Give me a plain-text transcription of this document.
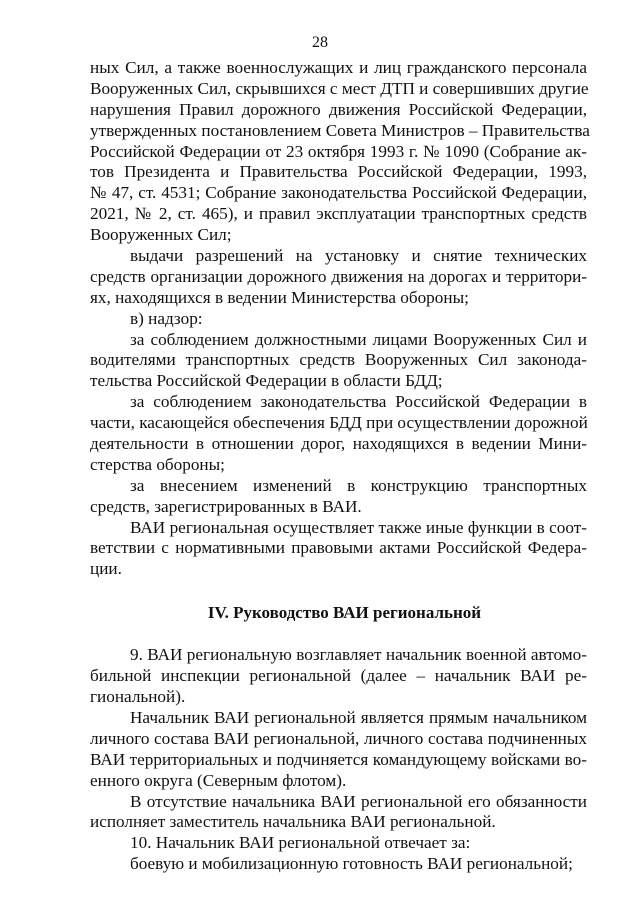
28
ных Сил, а также военнослужащих и лиц гражданского персонала
Вооруженных Сил, скрывшихся с мест ДТП и совершивших другие
нарушения Правил дорожного движения Российской Федерации,
утвержденных постановлением Совета Министров – Правительства
Российской Федерации от 23 октября 1993 г. № 1090 (Собрание ак-
тов Президента и Правительства Российской Федерации, 1993,
№ 47, ст. 4531; Собрание законодательства Российской Федерации,
2021, № 2, ст. 465), и правил эксплуатации транспортных средств
Вооруженных Сил;
выдачи разрешений на установку и снятие технических
средств организации дорожного движения на дорогах и территори-
ях, находящихся в ведении Министерства обороны;
в) надзор:
за соблюдением должностными лицами Вооруженных Сил и
водителями транспортных средств Вооруженных Сил законода-
тельства Российской Федерации в области БДД;
за соблюдением законодательства Российской Федерации в
части, касающейся обеспечения БДД при осуществлении дорожной
деятельности в отношении дорог, находящихся в ведении Мини-
стерства обороны;
за внесением изменений в конструкцию транспортных
средств, зарегистрированных в ВАИ.
ВАИ региональная осуществляет также иные функции в соот-
ветствии с нормативными правовыми актами Российской Федера-
ции.
IV. Руководство ВАИ региональной
9. ВАИ региональную возглавляет начальник военной автомо-
бильной инспекции региональной (далее – начальник ВАИ ре-
гиональной).
Начальник ВАИ региональной является прямым начальником
личного состава ВАИ региональной, личного состава подчиненных
ВАИ территориальных и подчиняется командующему войсками во-
енного округа (Северным флотом).
В отсутствие начальника ВАИ региональной его обязанности
исполняет заместитель начальника ВАИ региональной.
10. Начальник ВАИ региональной отвечает за:
боевую и мобилизационную готовность ВАИ региональной;
